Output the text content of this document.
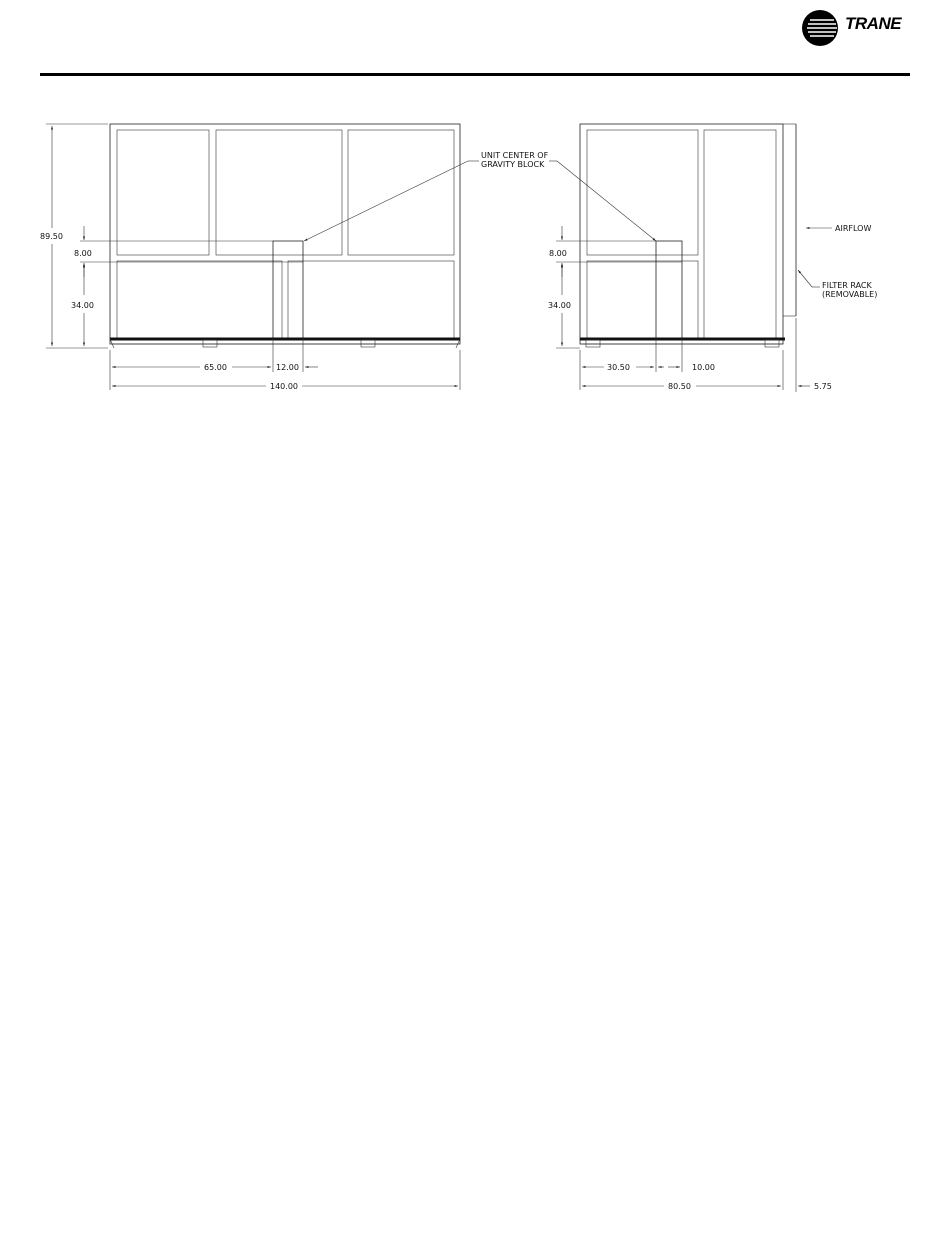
TRANE
89.50
8.00
34.00
65.00	12.00
140.00
UNIT CENTER OF
GRAVITY BLOCK
8.00
34.00
30.50	10.00
80.50	5.75
AIRFLOW
FILTER RACK
(REMOVABLE)
